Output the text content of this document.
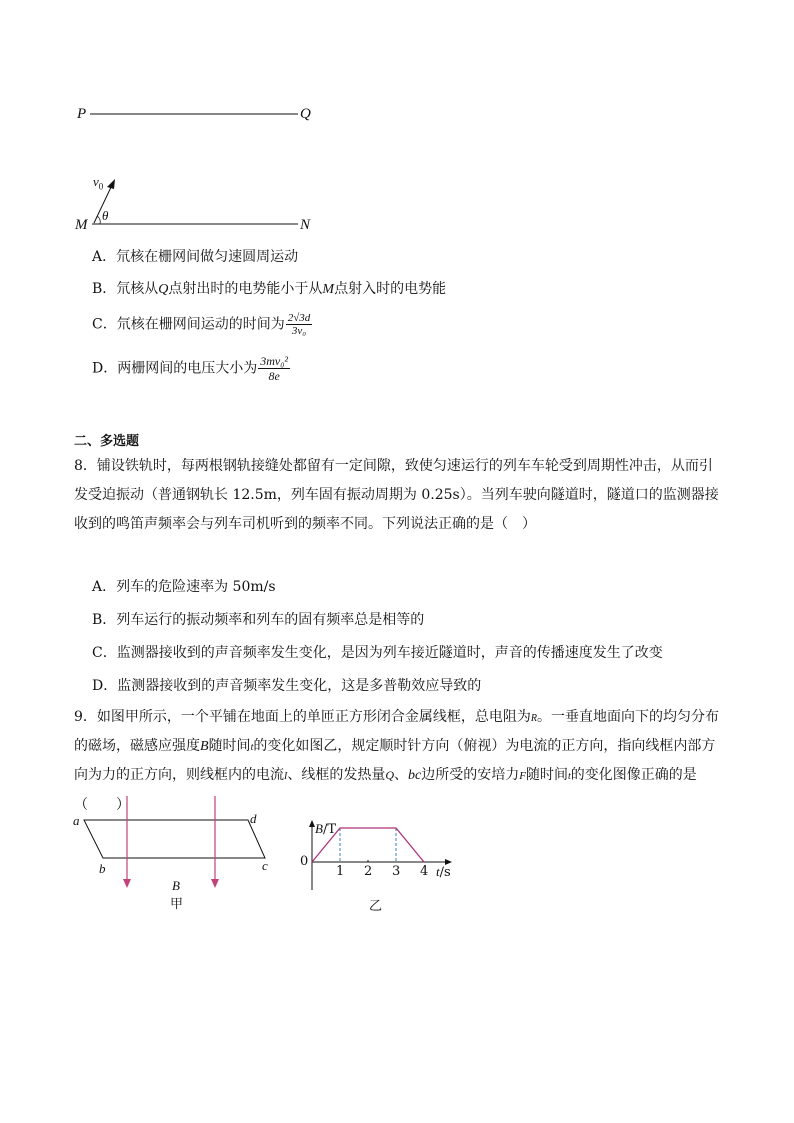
P	Q
M	N
$v_0$
θ
A．氘核在栅网间做匀速圆周运动
B．氘核从Q点射出时的电势能小于从M点射入时的电势能
C．氘核在栅网间运动的时间为 $\frac{2√3d}{\text{3v₀}}$
D．两栅网间的电压大小为 $\frac{\text{3mv₀²}}{8e}$
二、多选题
8．铺设铁轨时，每两根钢轨接缝处都留有一定间隙，致使匀速运行的列车车轮受到周期性冲击，从而引发受迫振动（普通钢轨长 12.5m，列车固有振动周期为 0.25s）。当列车驶向隧道时，隧道口的监测器接收到的鸣笛声频率会与列车司机听到的频率不同。下列说法正确的是（　）
A．列车的危险速率为 50m/s
B．列车运行的振动频率和列车的固有频率总是相等的
C．监测器接收到的声音频率发生变化，是因为列车接近隧道时，声音的传播速度发生了改变
D．监测器接收到的声音频率发生变化，这是多普勒效应导致的
9．如图甲所示，一个平铺在地面上的单匝正方形闭合金属线框，总电阻为R。一垂直地面向下的均匀分布
的磁场，磁感应强度B随时间t的变化如图乙，规定顺时针方向（俯视）为电流的正方向，指向线框内部方
向为力的正方向，则线框内的电流I、线框的发热量Q、bc边所受的安培力F随时间t的变化图像正确的是
（　　）
a	d
b	c
B
甲
B/T
0
1 2 3 4 t/s
乙
